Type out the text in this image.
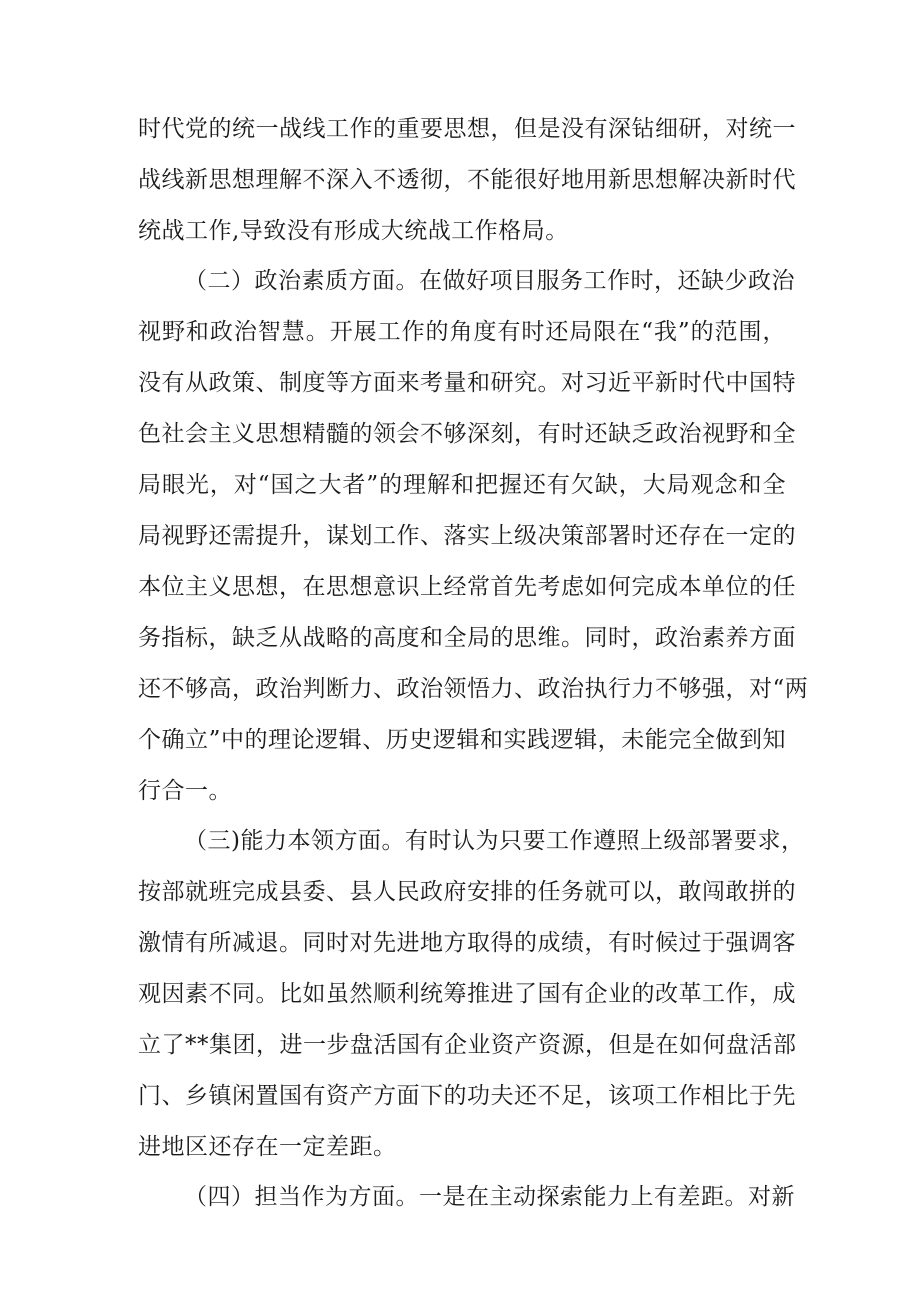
时代党的统一战线工作的重要思想，但是没有深钻细研，对统一
战线新思想理解不深入不透彻，不能很好地用新思想解决新时代
统战工作,导致没有形成大统战工作格局。
（二）政治素质方面。在做好项目服务工作时，还缺少政治
视野和政治智慧。开展工作的角度有时还局限在“我”的范围，
没有从政策、制度等方面来考量和研究。对习近平新时代中国特
色社会主义思想精髓的领会不够深刻，有时还缺乏政治视野和全
局眼光，对“国之大者”的理解和把握还有欠缺，大局观念和全
局视野还需提升，谋划工作、落实上级决策部署时还存在一定的
本位主义思想，在思想意识上经常首先考虑如何完成本单位的任
务指标，缺乏从战略的高度和全局的思维。同时，政治素养方面
还不够高，政治判断力、政治领悟力、政治执行力不够强，对“两
个确立”中的理论逻辑、历史逻辑和实践逻辑，未能完全做到知
行合一。
（三)能力本领方面。有时认为只要工作遵照上级部署要求，
按部就班完成县委、县人民政府安排的任务就可以，敢闯敢拼的
激情有所减退。同时对先进地方取得的成绩，有时候过于强调客
观因素不同。比如虽然顺利统筹推进了国有企业的改革工作，成
立了**集团，进一步盘活国有企业资产资源，但是在如何盘活部
门、乡镇闲置国有资产方面下的功夫还不足，该项工作相比于先
进地区还存在一定差距。
（四）担当作为方面。一是在主动探索能力上有差距。对新
